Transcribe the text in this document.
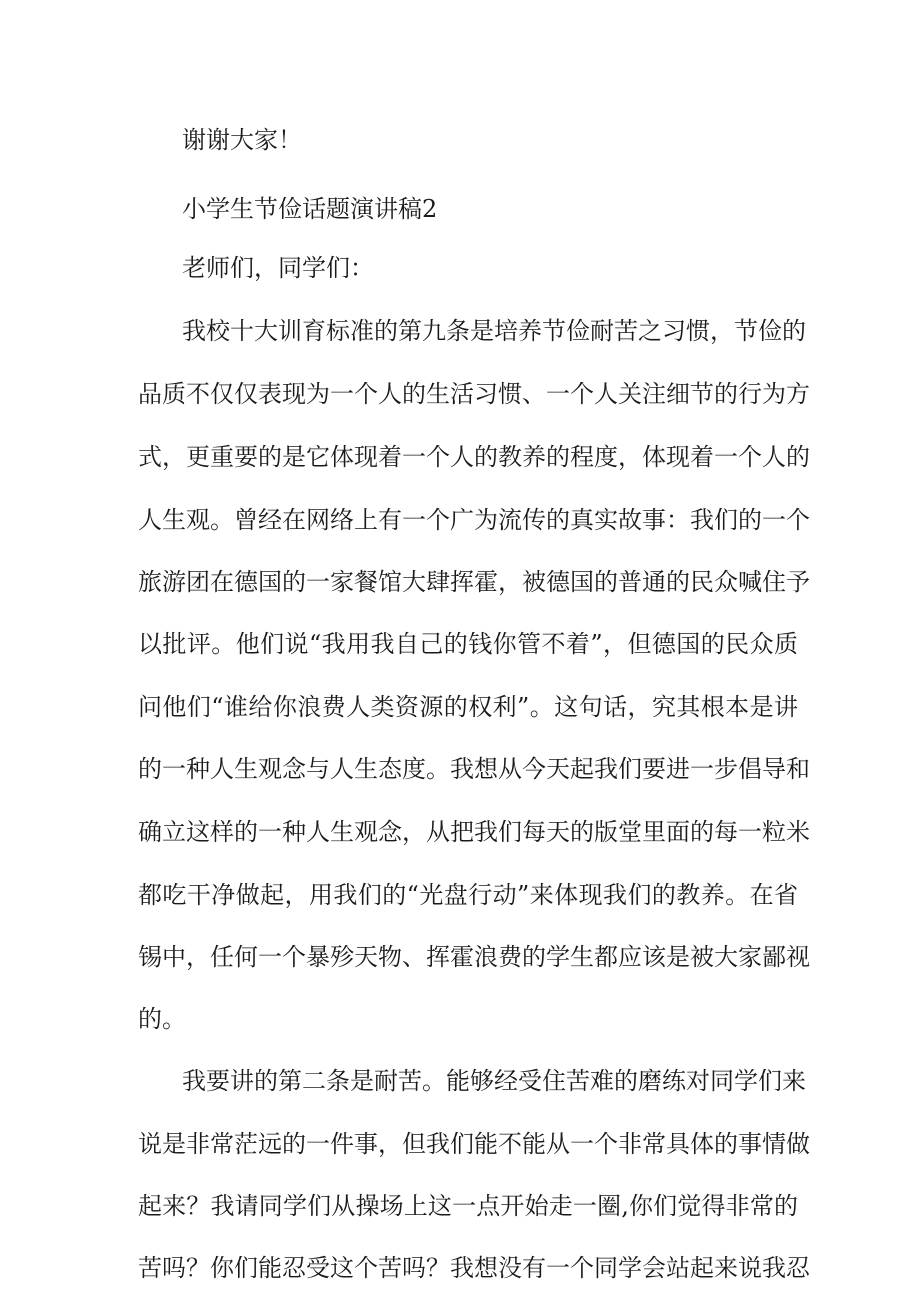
谢谢大家！
小学生节俭话题演讲稿2
老师们，同学们：
我校十大训育标准的第九条是培养节俭耐苦之习惯，节俭的
品质不仅仅表现为一个人的生活习惯、一个人关注细节的行为方
式，更重要的是它体现着一个人的教养的程度，体现着一个人的
人生观。曾经在网络上有一个广为流传的真实故事：我们的一个
旅游团在德国的一家餐馆大肆挥霍，被德国的普通的民众喊住予
以批评。他们说“我用我自己的钱你管不着”，但德国的民众质
问他们“谁给你浪费人类资源的权利”。这句话，究其根本是讲
的一种人生观念与人生态度。我想从今天起我们要进一步倡导和
确立这样的一种人生观念，从把我们每天的版堂里面的每一粒米
都吃干净做起，用我们的“光盘行动”来体现我们的教养。在省
锡中，任何一个暴殄天物、挥霍浪费的学生都应该是被大家鄙视
的。
我要讲的第二条是耐苦。能够经受住苦难的磨练对同学们来
说是非常茫远的一件事，但我们能不能从一个非常具体的事情做
起来？我请同学们从操场上这一点开始走一圈,你们觉得非常的
苦吗？你们能忍受这个苦吗？我想没有一个同学会站起来说我忍
